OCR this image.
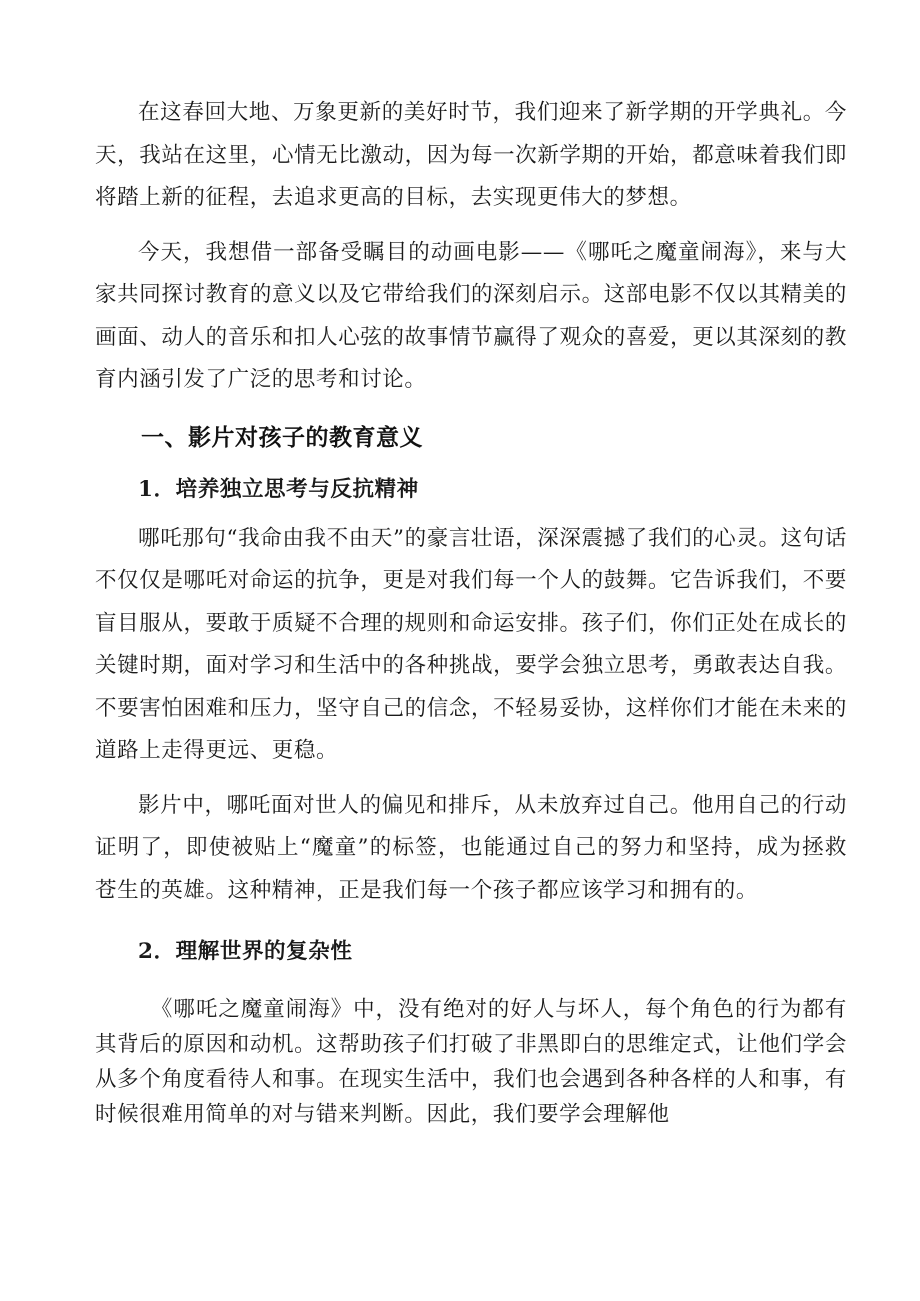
在这春回大地、万象更新的美好时节，我们迎来了新学期的开学典礼。今天，我站在这里，心情无比激动，因为每一次新学期的开始，都意味着我们即将踏上新的征程，去追求更高的目标，去实现更伟大的梦想。

今天，我想借一部备受瞩目的动画电影——《哪吒之魔童闹海》，来与大家共同探讨教育的意义以及它带给我们的深刻启示。这部电影不仅以其精美的画面、动人的音乐和扣人心弦的故事情节赢得了观众的喜爱，更以其深刻的教育内涵引发了广泛的思考和讨论。

一、影片对孩子的教育意义
1．培养独立思考与反抗精神

哪吒那句“我命由我不由天”的豪言壮语，深深震撼了我们的心灵。这句话不仅仅是哪吒对命运的抗争，更是对我们每一个人的鼓舞。它告诉我们，不要盲目服从，要敢于质疑不合理的规则和命运安排。孩子们，你们正处在成长的关键时期，面对学习和生活中的各种挑战，要学会独立思考，勇敢表达自我。不要害怕困难和压力，坚守自己的信念，不轻易妥协，这样你们才能在未来的道路上走得更远、更稳。

影片中，哪吒面对世人的偏见和排斥，从未放弃过自己。他用自己的行动证明了，即使被贴上“魔童”的标签，也能通过自己的努力和坚持，成为拯救苍生的英雄。这种精神，正是我们每一个孩子都应该学习和拥有的。

2．理解世界的复杂性

《哪吒之魔童闹海》中，没有绝对的好人与坏人，每个角色的行为都有其背后的原因和动机。这帮助孩子们打破了非黑即白的思维定式，让他们学会从多个角度看待人和事。在现实生活中，我们也会遇到各种各样的人和事，有时候很难用简单的对与错来判断。因此，我们要学会理解他
